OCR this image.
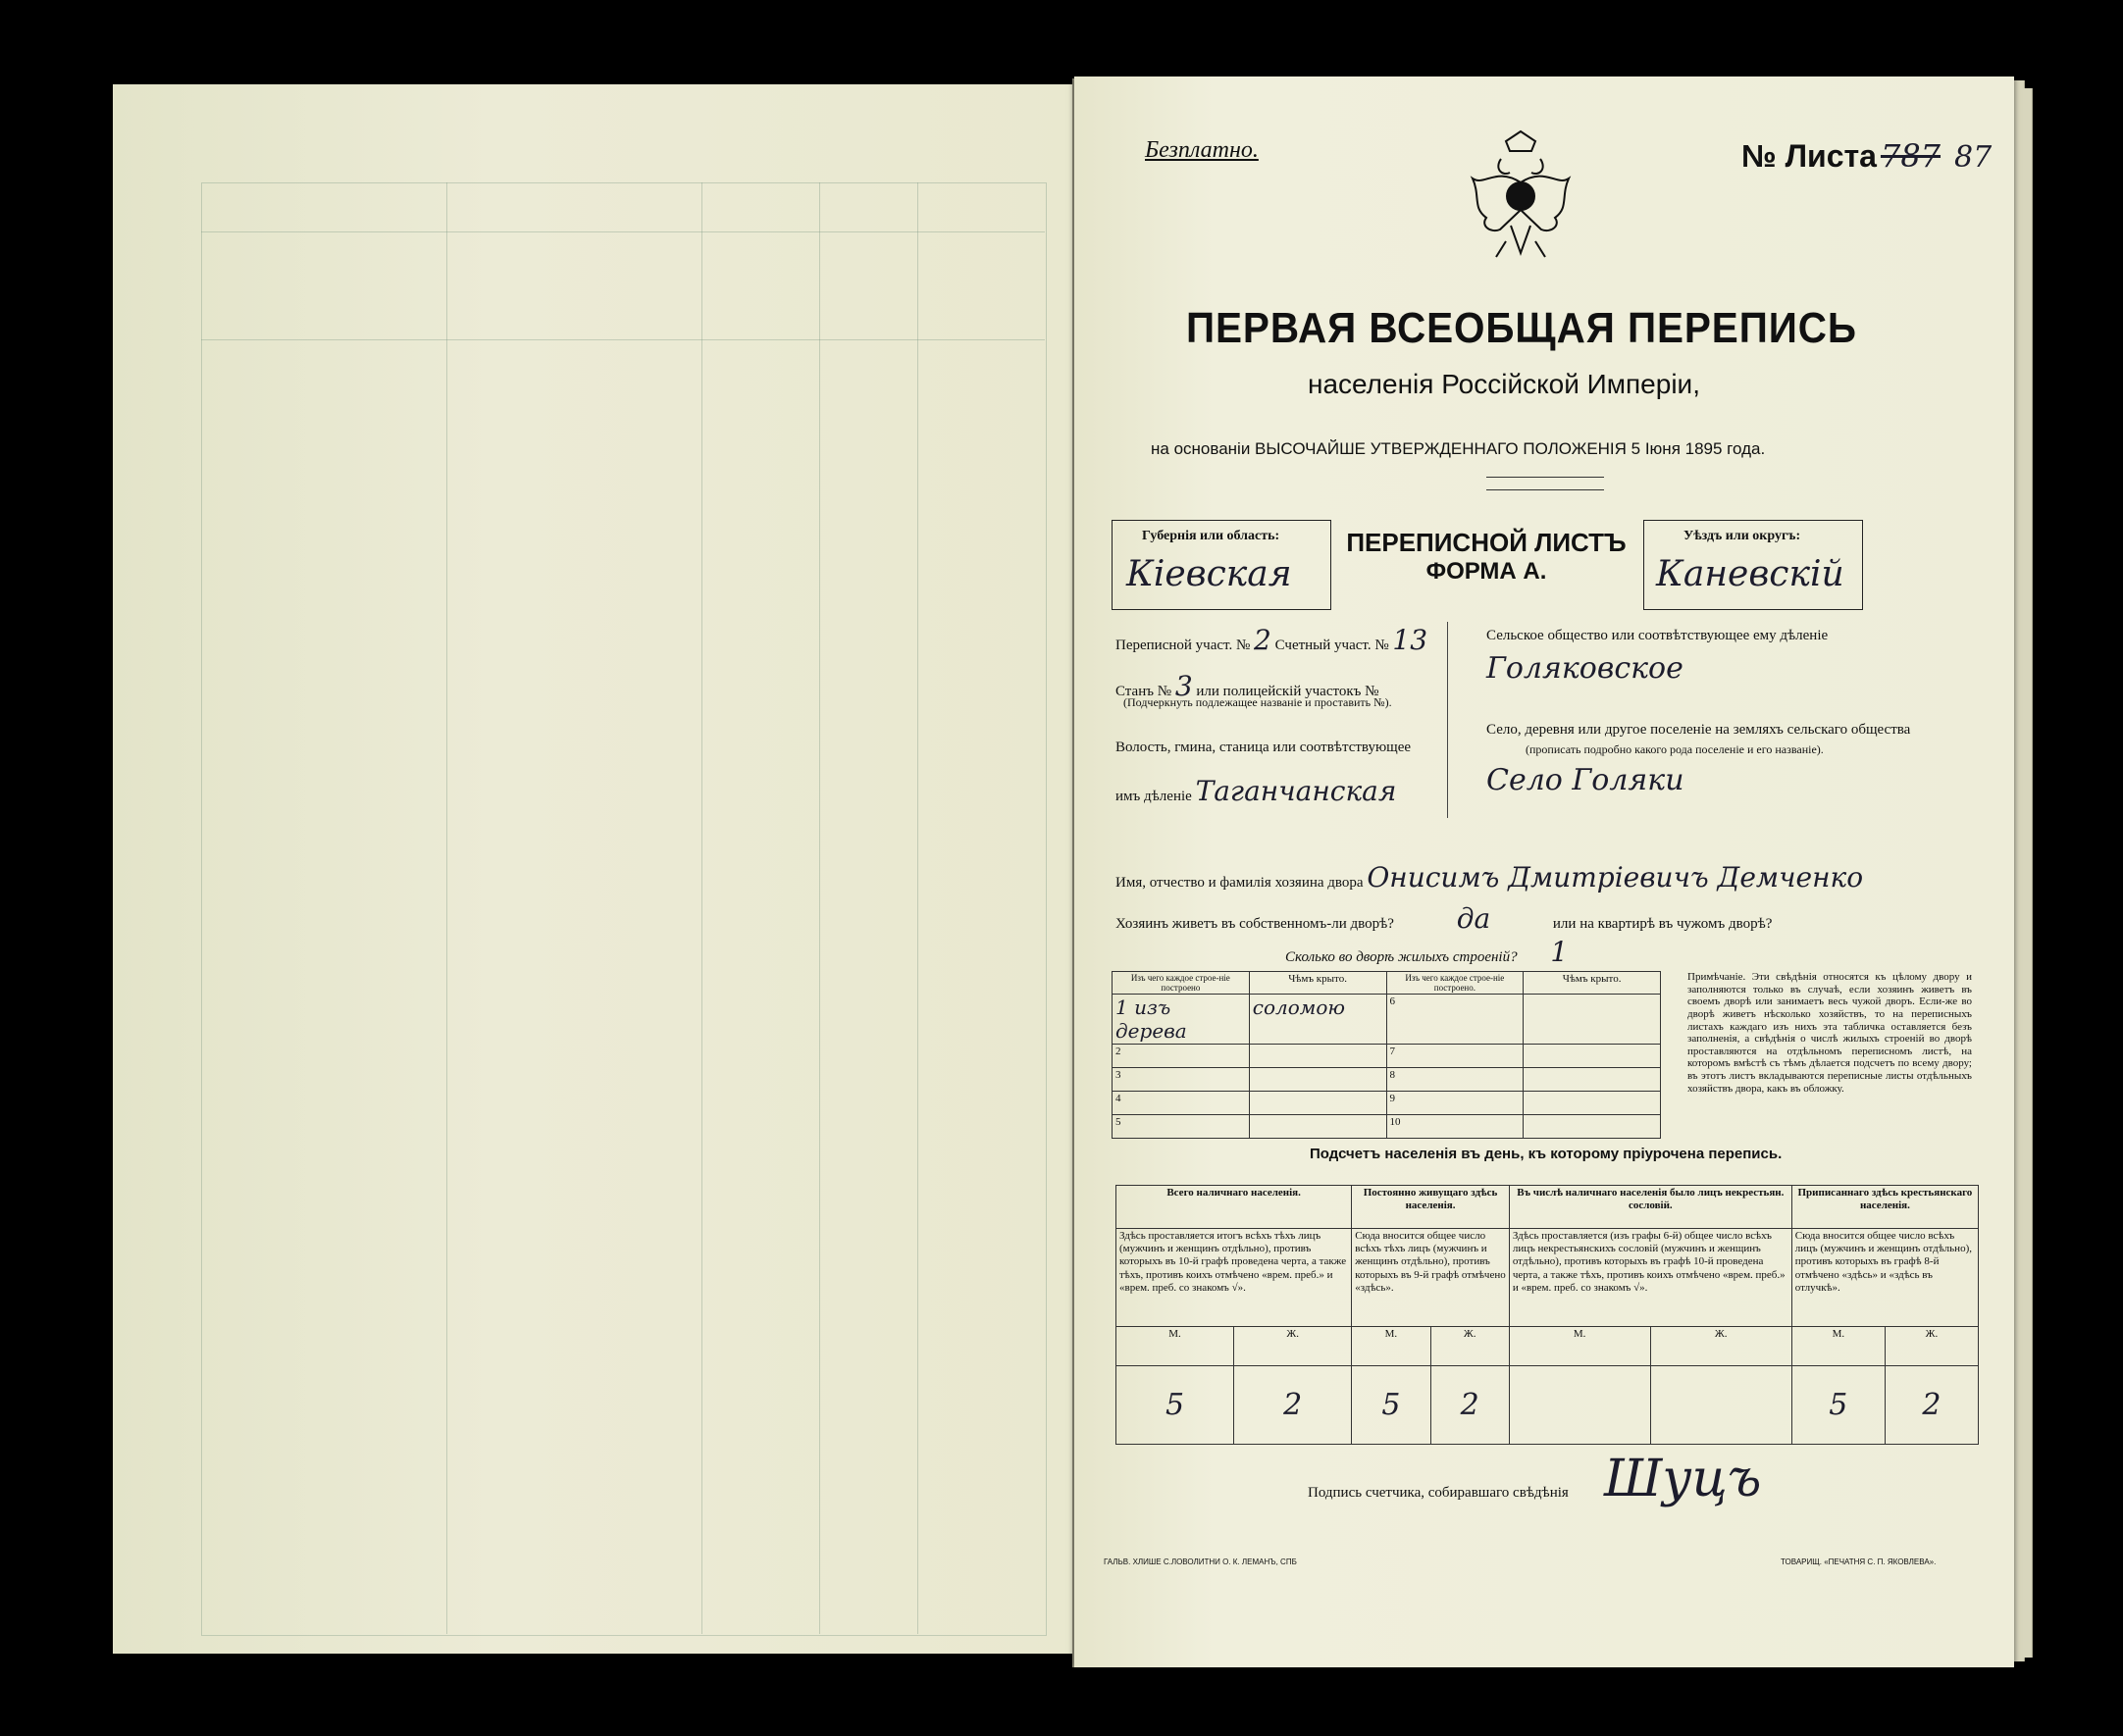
Безплатно.	№ Листа 787 87
ПЕРВАЯ ВСЕОБЩАЯ ПЕРЕПИСЬ
населенія Россійской Имперіи,
на основаніи ВЫСОЧАЙШЕ УТВЕРЖДЕННАГО ПОЛОЖЕНІЯ 5 Іюня 1895 года.
Губернія или область:
Кіевская
ПЕРЕПИСНОЙ ЛИСТЪ
ФОРМА А.
Уѣздъ или округъ:
Каневскій
Переписной участ. № 2 Счетный участ. № 13
Станъ № 3 или полицейскій участокъ №
(Подчеркнуть подлежащее названіе и проставить №).
Волость, гмина, станица или соотвѣтствующее
имъ дѣленіе Таганчанская
Сельское общество или соотвѣтствующее ему дѣленіе
Голяковское
Село, деревня или другое поселеніе на земляхъ сельскаго общества
(прописать подробно какого рода поселеніе и его названіе).
Село Голяки
Имя, отчество и фамилія хозяина двора Онисимъ Дмитріевичъ Демченко
Хозяинъ живетъ въ собственномъ-ли дворѣ? да	или на квартирѣ въ чужомъ дворѣ?
Сколько во дворѣ жилыхъ строеній? 1
Изъ чего каждое строе-ніе построено	Чѣмъ крыто.	Изъ чего каждое строе-ніе построено.	Чѣмъ крыто.
1 изъ дерева	соломою	6	
2		7	
3		8	
4		9	
5		10	
Примѣчаніе. Эти свѣдѣнія относятся къ цѣлому двору и заполняются только въ случаѣ, если хозяинъ живетъ въ своемъ дворѣ или занимаетъ весь чужой дворъ. Если-же во дворѣ живетъ нѣсколько хозяйствъ, то на переписныхъ листахъ каждаго изъ нихъ эта табличка оставляется безъ заполненія, а свѣдѣнія о числѣ жилыхъ строеній во дворѣ проставляются на отдѣльномъ переписномъ листѣ, на которомъ вмѣстѣ съ тѣмъ дѣлается подсчетъ по всему двору; въ этотъ листъ вкладываются переписные листы отдѣльныхъ хозяйствъ двора, какъ въ обложку.
Подсчетъ населенія въ день, къ которому пріурочена перепись.
Всего наличнаго населенія.		Постоянно живущаго здѣсь населенія.		Въ числѣ наличнаго населенія было лицъ некрестьян. сословій.		Приписаннаго здѣсь крестьянскаго населенія.	
Здѣсь проставляется итогъ всѣхъ тѣхъ лицъ (мужчинъ и женщинъ отдѣльно), противъ которыхъ въ 10-й графѣ проведена черта, а также тѣхъ, противъ коихъ отмѣчено «врем. преб.» и «врем. преб. со знакомъ √».		Сюда вносится общее число всѣхъ тѣхъ лицъ (мужчинъ и женщинъ отдѣльно), противъ которыхъ въ 9-й графѣ отмѣчено «здѣсь».		Здѣсь проставляется (изъ графы 6-й) общее число всѣхъ лицъ некрестьянскихъ сословій (мужчинъ и женщинъ отдѣльно), противъ которыхъ въ графѣ 10-й проведена черта, а также тѣхъ, противъ коихъ отмѣчено «врем. преб.» и «врем. преб. со знакомъ √».		Сюда вносится общее число всѣхъ лицъ (мужчинъ и женщинъ отдѣльно), противъ которыхъ въ графѣ 8-й отмѣчено «здѣсь» и «здѣсь въ отлучкѣ».	
М.	Ж.	М.	Ж.	М.	Ж.	М.	Ж.
5	2	5	2			5	2
Подпись счетчика, собиравшаго свѣдѣнія Шуцъ
ГАЛЬВ. ХЛИШЕ С.ЛОВОЛИТНИ О. К. ЛЕМАНЪ, СПБ	ТОВАРИЩ. «ПЕЧАТНЯ С. П. ЯКОВЛЕВА».
